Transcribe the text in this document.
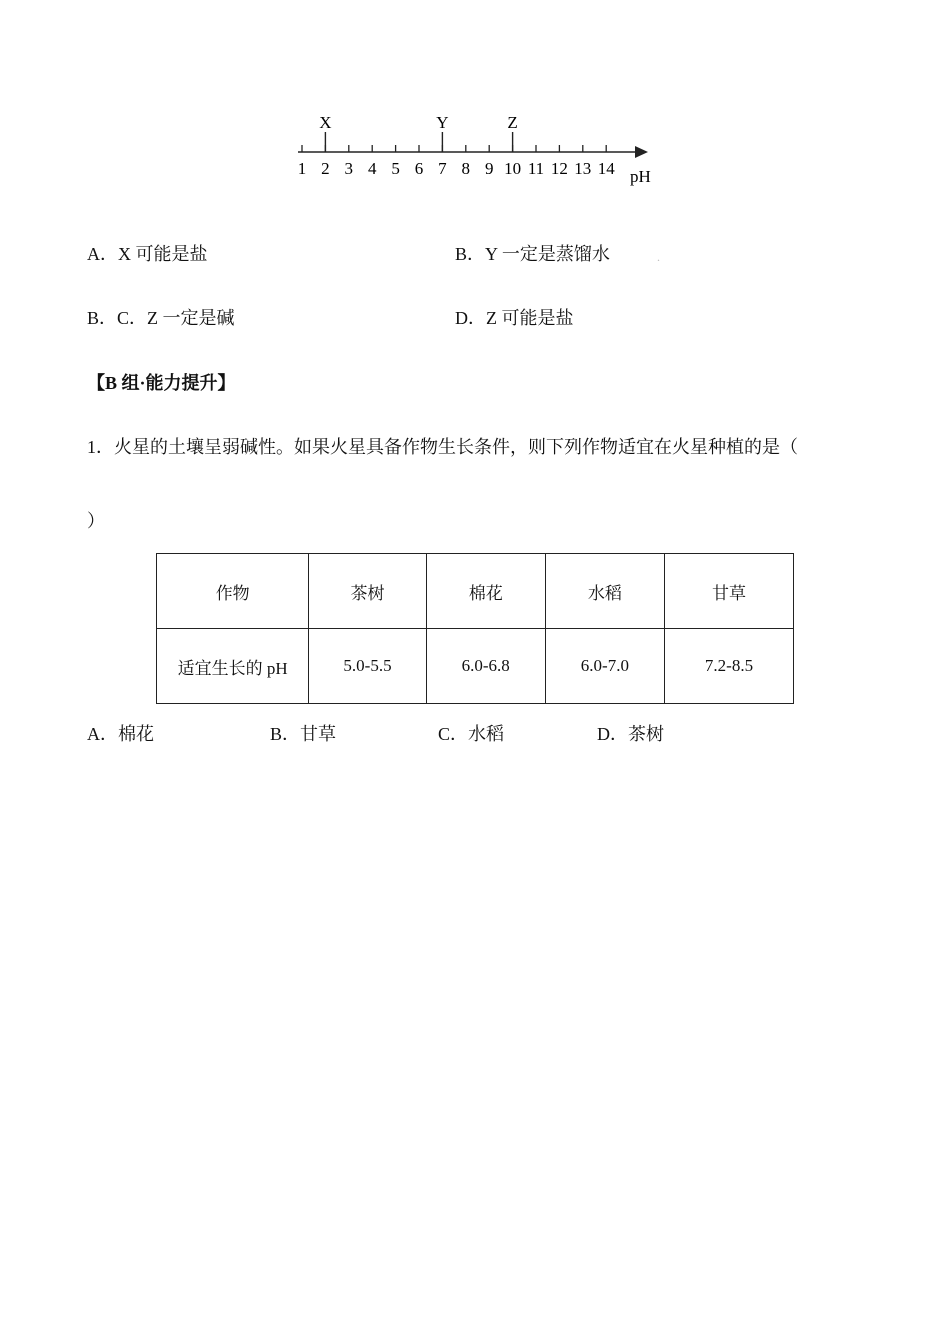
1 2 3 4 5 6 7 8 9 10 11 12 13 14
X	Y	Z
pH
A．X 可能是盐	B．Y 一定是蒸馏水	.
B．C．Z 一定是碱	D．Z 可能是盐
【B 组·能力提升】
1．火星的土壤呈弱碱性。如果火星具备作物生长条件，则下列作物适宜在火星种植的是（
）
作物	茶树	棉花	水稻	甘草
适宜生长的 pH	5.0-5.5	6.0-6.8	6.0-7.0	7.2-8.5
A．棉花	B．甘草	C．水稻	D．茶树
